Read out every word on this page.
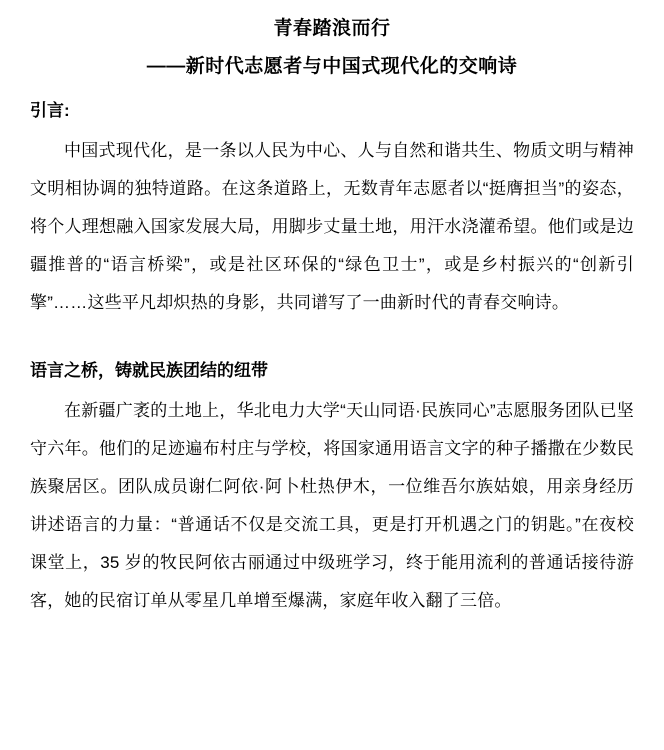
青春踏浪而行
——新时代志愿者与中国式现代化的交响诗
引言:

中国式现代化，是一条以人民为中心、人与自然和谐共生、物质文明与精神文明相协调的独特道路。在这条道路上，无数青年志愿者以“挺膺担当”的姿态，将个人理想融入国家发展大局，用脚步丈量土地，用汗水浇灌希望。他们或是边疆推普的“语言桥梁”，或是社区环保的“绿色卫士”，或是乡村振兴的“创新引擎”……这些平凡却炽热的身影，共同谱写了一曲新时代的青春交响诗。

语言之桥，铸就民族团结的纽带

在新疆广袤的土地上，华北电力大学“天山同语·民族同心”志愿服务团队已坚守六年。他们的足迹遍布村庄与学校，将国家通用语言文字的种子播撒在少数民族聚居区。团队成员谢仁阿依·阿卜杜热伊木，一位维吾尔族姑娘，用亲身经历讲述语言的力量：“普通话不仅是交流工具，更是打开机遇之门的钥匙。”在夜校课堂上，35 岁的牧民阿依古丽通过中级班学习，终于能用流利的普通话接待游客，她的民宿订单从零星几单增至爆满，家庭年收入翻了三倍。
